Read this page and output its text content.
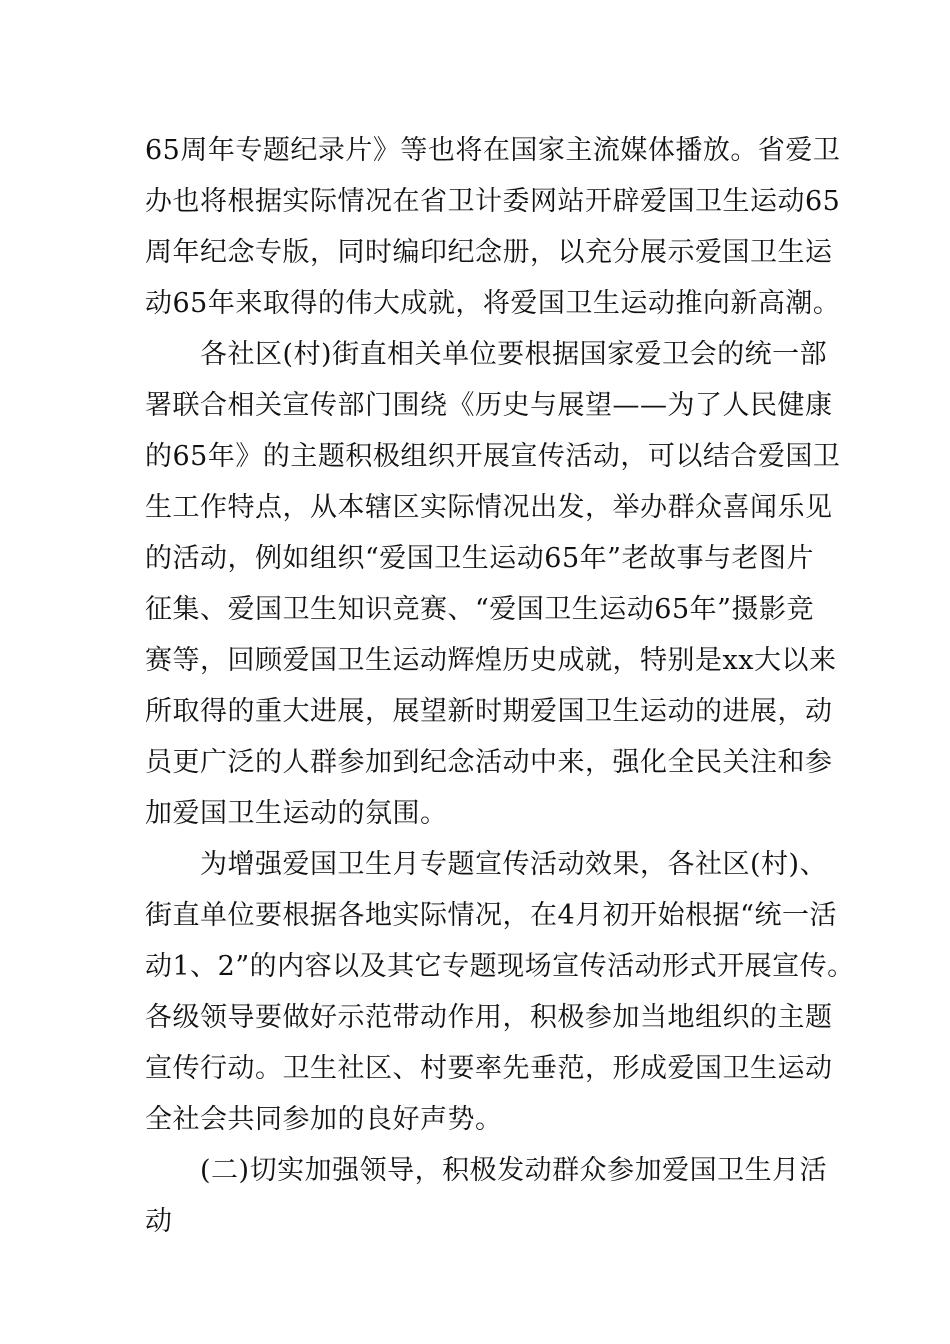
65周年专题纪录片》等也将在国家主流媒体播放。省爱卫
办也将根据实际情况在省卫计委网站开辟爱国卫生运动65
周年纪念专版，同时编印纪念册，以充分展示爱国卫生运
动65年来取得的伟大成就，将爱国卫生运动推向新高潮。
各社区(村)街直相关单位要根据国家爱卫会的统一部
署联合相关宣传部门围绕《历史与展望——为了人民健康
的65年》的主题积极组织开展宣传活动，可以结合爱国卫
生工作特点，从本辖区实际情况出发，举办群众喜闻乐见
的活动，例如组织“爱国卫生运动65年”老故事与老图片
征集、爱国卫生知识竞赛、“爱国卫生运动65年”摄影竞
赛等，回顾爱国卫生运动辉煌历史成就，特别是xx大以来
所取得的重大进展，展望新时期爱国卫生运动的进展，动
员更广泛的人群参加到纪念活动中来，强化全民关注和参
加爱国卫生运动的氛围。
为增强爱国卫生月专题宣传活动效果，各社区(村)、
街直单位要根据各地实际情况，在4月初开始根据“统一活
动1、2”的内容以及其它专题现场宣传活动形式开展宣传。
各级领导要做好示范带动作用，积极参加当地组织的主题
宣传行动。卫生社区、村要率先垂范，形成爱国卫生运动
全社会共同参加的良好声势。
(二)切实加强领导，积极发动群众参加爱国卫生月活
动
